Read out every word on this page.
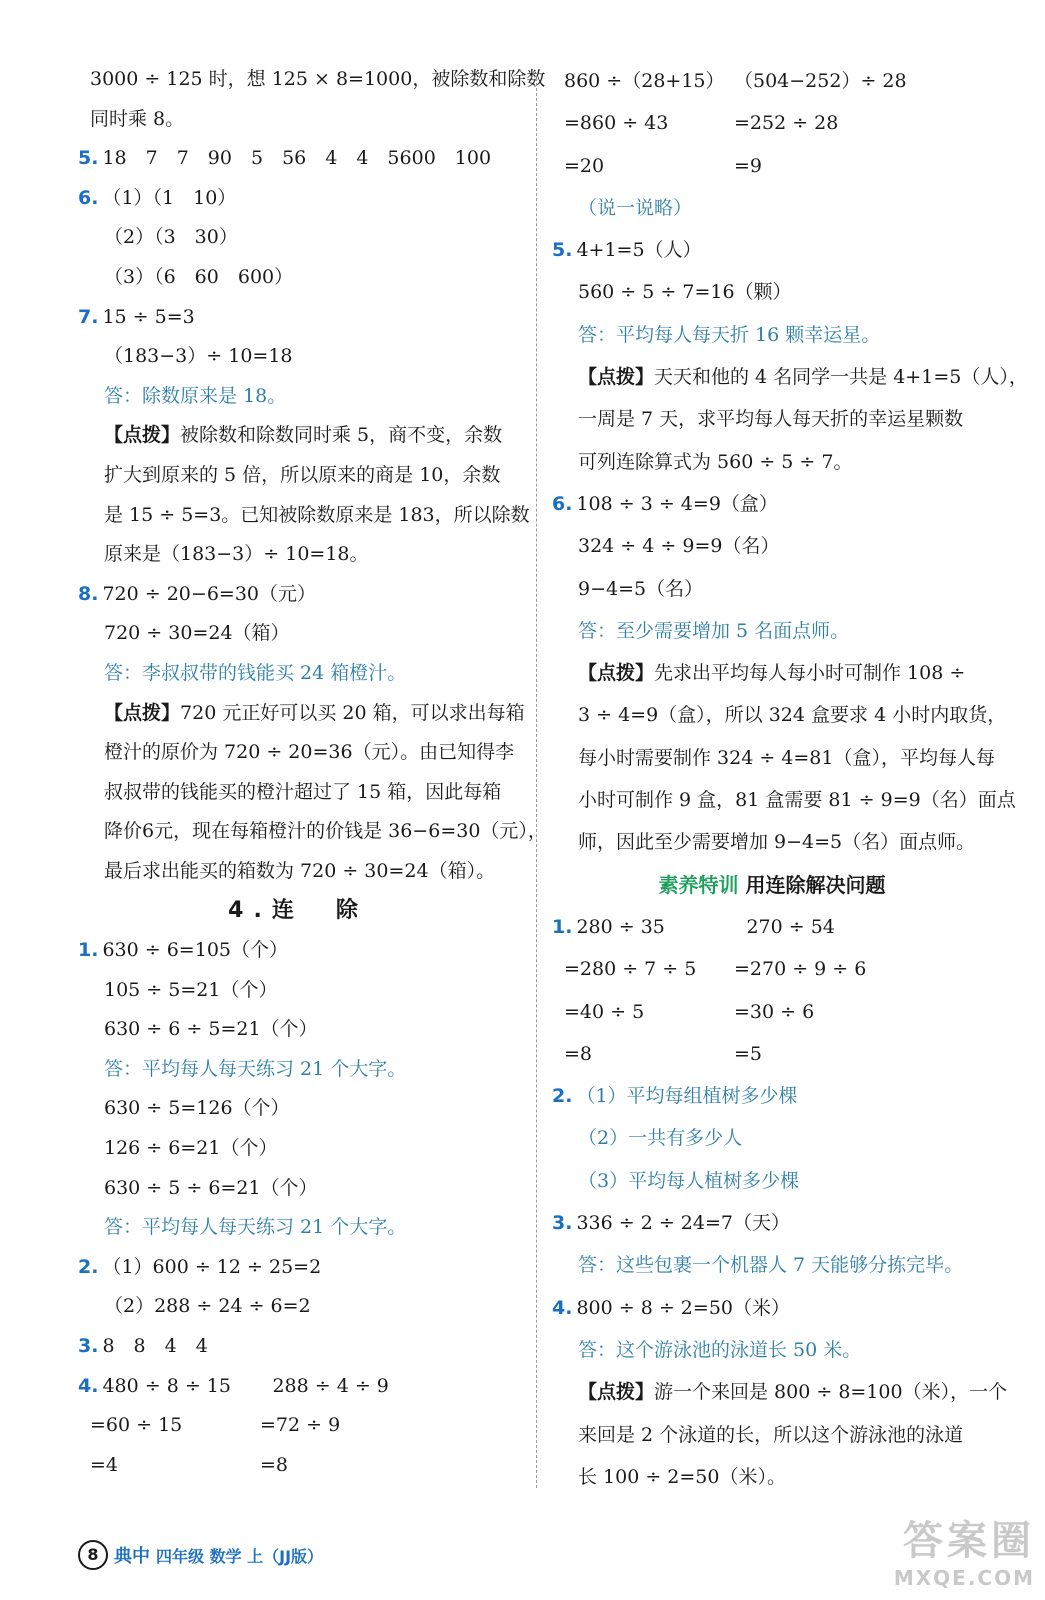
3000 ÷ 125 时，想 125 × 8=1000，被除数和除数
同时乘 8。
5. 18　7　7　90　5　56　4　4　5600　100
6. （1）（1　10）
（2）（3　30）
（3）（6　60　600）
7. 15 ÷ 5=3
（183−3）÷ 10=18
答：除数原来是 18。
【点拨】被除数和除数同时乘 5，商不变，余数
扩大到原来的 5 倍，所以原来的商是 10，余数
是 15 ÷ 5=3。已知被除数原来是 183，所以除数
原来是（183−3）÷ 10=18。
8. 720 ÷ 20−6=30（元）
720 ÷ 30=24（箱）
答：李叔叔带的钱能买 24 箱橙汁。
【点拨】720 元正好可以买 20 箱，可以求出每箱
橙汁的原价为 720 ÷ 20=36（元）。由已知得李
叔叔带的钱能买的橙汁超过了 15 箱，因此每箱
降价6元，现在每箱橙汁的价钱是 36−6=30（元），
最后求出能买的箱数为 720 ÷ 30=24（箱）。
4.连　除
1. 630 ÷ 6=105（个）
105 ÷ 5=21（个）
630 ÷ 6 ÷ 5=21（个）
答：平均每人每天练习 21 个大字。
630 ÷ 5=126（个）
126 ÷ 6=21（个）
630 ÷ 5 ÷ 6=21（个）
答：平均每人每天练习 21 个大字。
2. （1）600 ÷ 12 ÷ 25=2
（2）288 ÷ 24 ÷ 6=2
3. 8　8　4　4
4. 480 ÷ 8 ÷ 15	288 ÷ 4 ÷ 9
=60 ÷ 15	=72 ÷ 9
=4	=8
860 ÷（28+15） （504−252）÷ 28
=860 ÷ 43	=252 ÷ 28
=20	=9
（说一说略）
5. 4+1=5（人）
560 ÷ 5 ÷ 7=16（颗）
答：平均每人每天折 16 颗幸运星。
【点拨】天天和他的 4 名同学一共是 4+1=5（人），
一周是 7 天，求平均每人每天折的幸运星颗数
可列连除算式为 560 ÷ 5 ÷ 7。
6. 108 ÷ 3 ÷ 4=9（盒）
324 ÷ 4 ÷ 9=9（名）
9−4=5（名）
答：至少需要增加 5 名面点师。
【点拨】先求出平均每人每小时可制作 108 ÷
3 ÷ 4=9（盒），所以 324 盒要求 4 小时内取货，
每小时需要制作 324 ÷ 4=81（盒），平均每人每
小时可制作 9 盒，81 盒需要 81 ÷ 9=9（名）面点
师，因此至少需要增加 9−4=5（名）面点师。
素养特训 用连除解决问题
1. 280 ÷ 35	270 ÷ 54
=280 ÷ 7 ÷ 5	=270 ÷ 9 ÷ 6
=40 ÷ 5	=30 ÷ 6
=8	=5
2. （1）平均每组植树多少棵
（2）一共有多少人
（3）平均每人植树多少棵
3. 336 ÷ 2 ÷ 24=7（天）
答：这些包裹一个机器人 7 天能够分拣完毕。
4. 800 ÷ 8 ÷ 2=50（米）
答：这个游泳池的泳道长 50 米。
【点拨】游一个来回是 800 ÷ 8=100（米），一个
来回是 2 个泳道的长，所以这个游泳池的泳道
长 100 ÷ 2=50（米）。
8 典中 四年级 数学 上（JJ版）	答案圈
MXQE.COM
